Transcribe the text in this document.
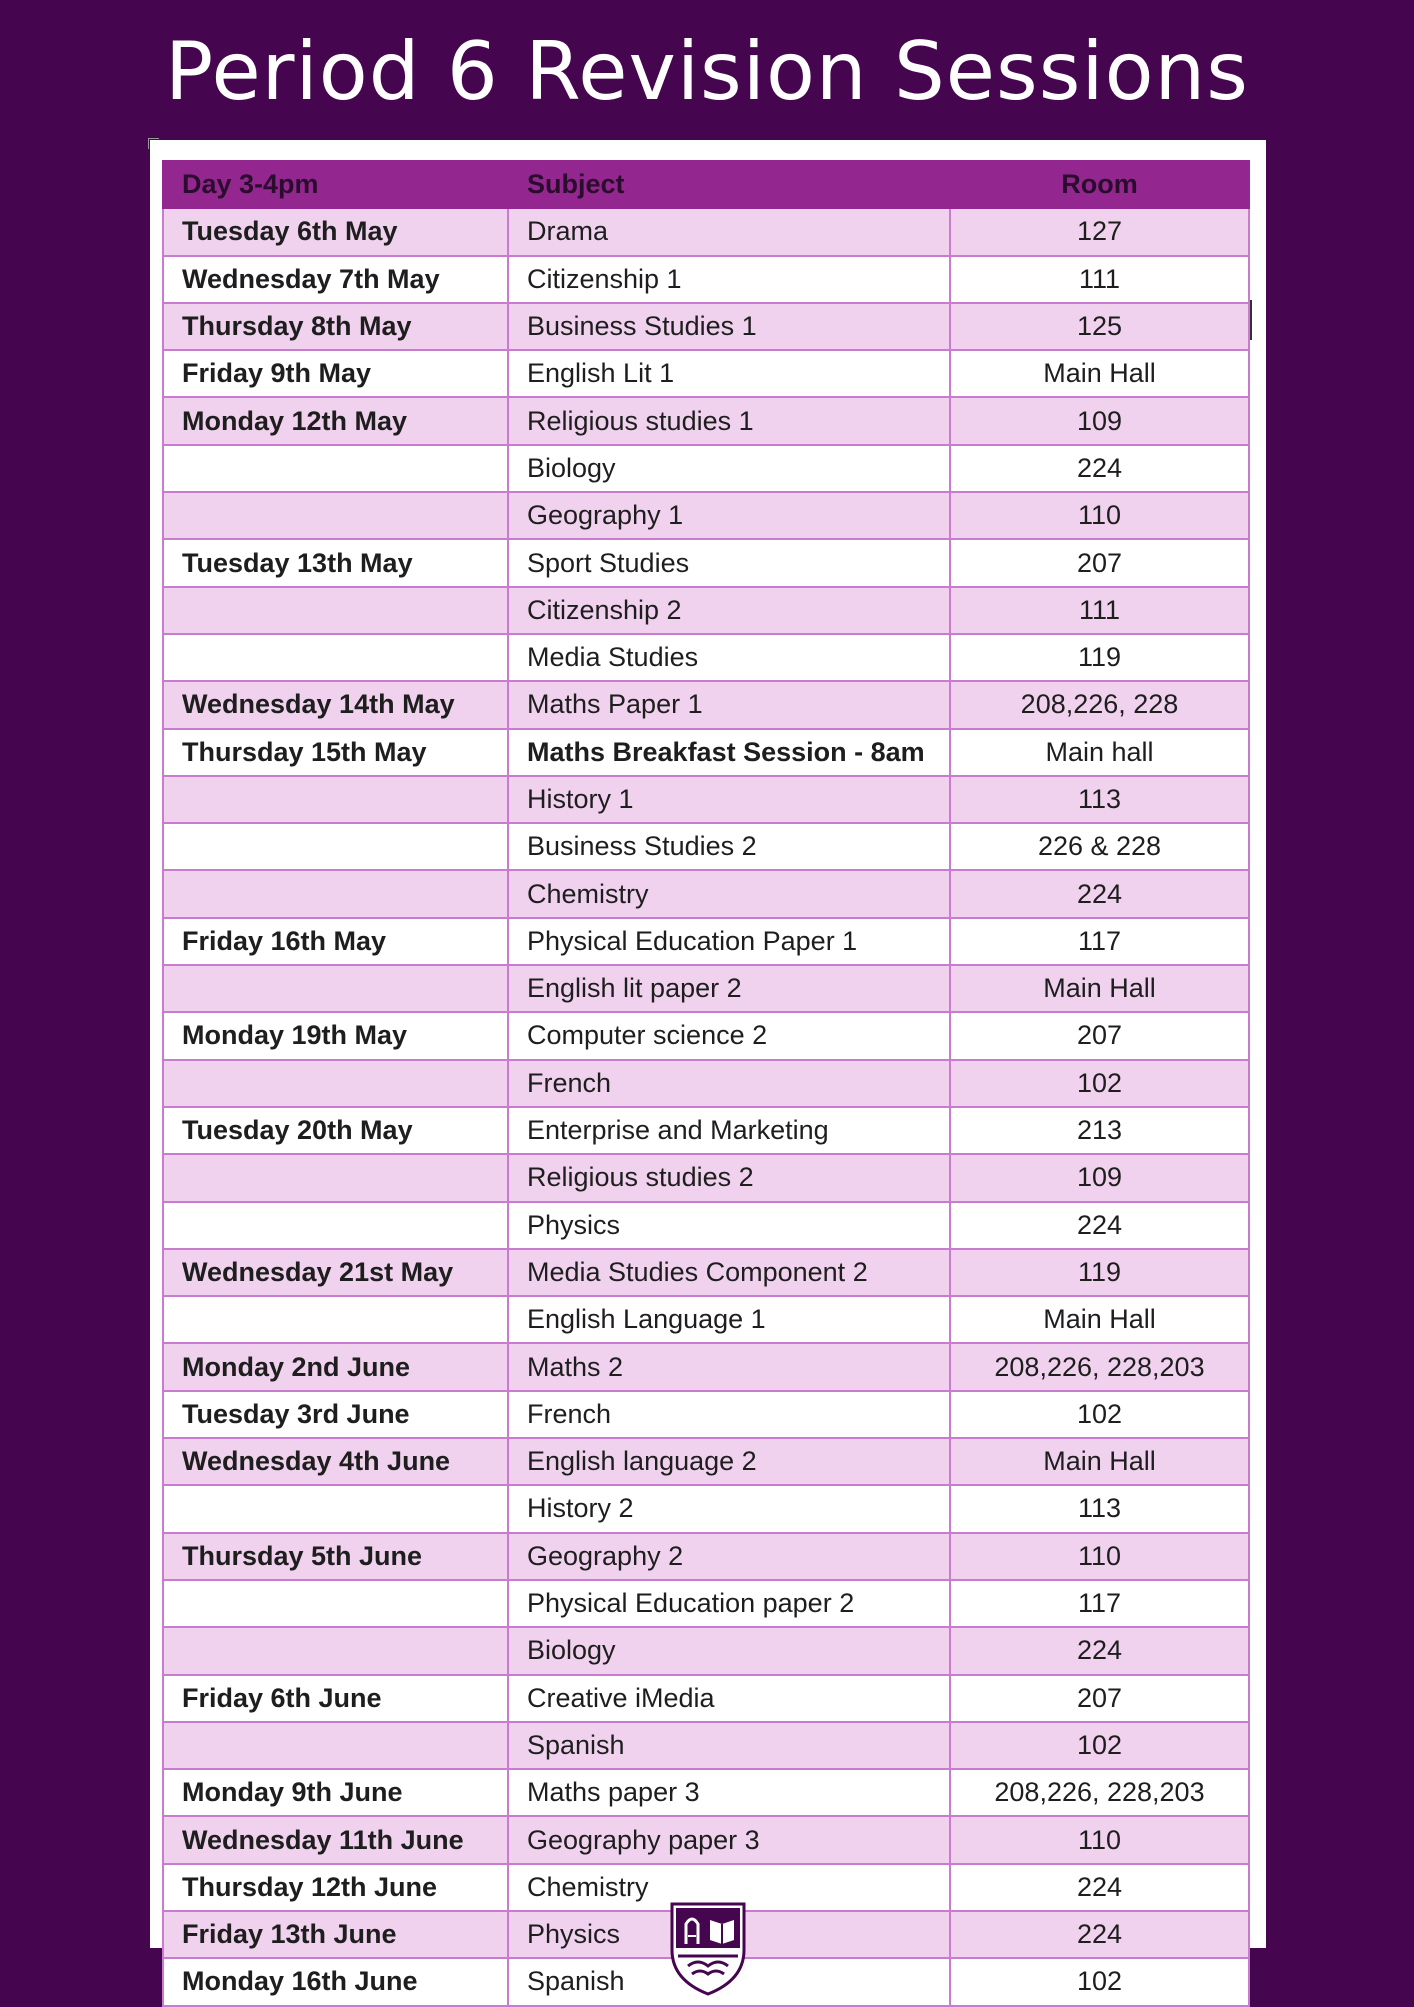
Period 6 Revision Sessions
Day 3-4pm	Subject	Room
Tuesday 6th May	Drama	127
Wednesday 7th May	Citizenship 1	111
Thursday 8th May	Business Studies 1	125
Friday 9th May	English Lit 1	Main Hall
Monday 12th May	Religious studies 1	109
	Biology	224
	Geography 1	110
Tuesday 13th May	Sport Studies	207
	Citizenship 2	111
	Media Studies	119
Wednesday 14th May	Maths Paper 1	208,226, 228
Thursday 15th May	Maths Breakfast Session - 8am	Main hall
	History 1	113
	Business Studies 2	226 & 228
	Chemistry	224
Friday 16th May	Physical Education Paper 1	117
	English lit paper 2	Main Hall
Monday 19th May	Computer science 2	207
	French	102
Tuesday 20th May	Enterprise and Marketing	213
	Religious studies 2	109
	Physics	224
Wednesday 21st May	Media Studies Component 2	119
	English Language 1	Main Hall
Monday 2nd June	Maths 2	208,226, 228,203
Tuesday 3rd June	French	102
Wednesday 4th June	English language 2	Main Hall
	History 2	113
Thursday 5th June	Geography 2	110
	Physical Education paper 2	117
	Biology	224
Friday 6th June	Creative iMedia	207
	Spanish	102
Monday 9th June	Maths paper 3	208,226, 228,203
Wednesday 11th June	Geography paper 3	110
Thursday 12th June	Chemistry	224
Friday 13th June	Physics	224
Monday 16th June	Spanish	102
